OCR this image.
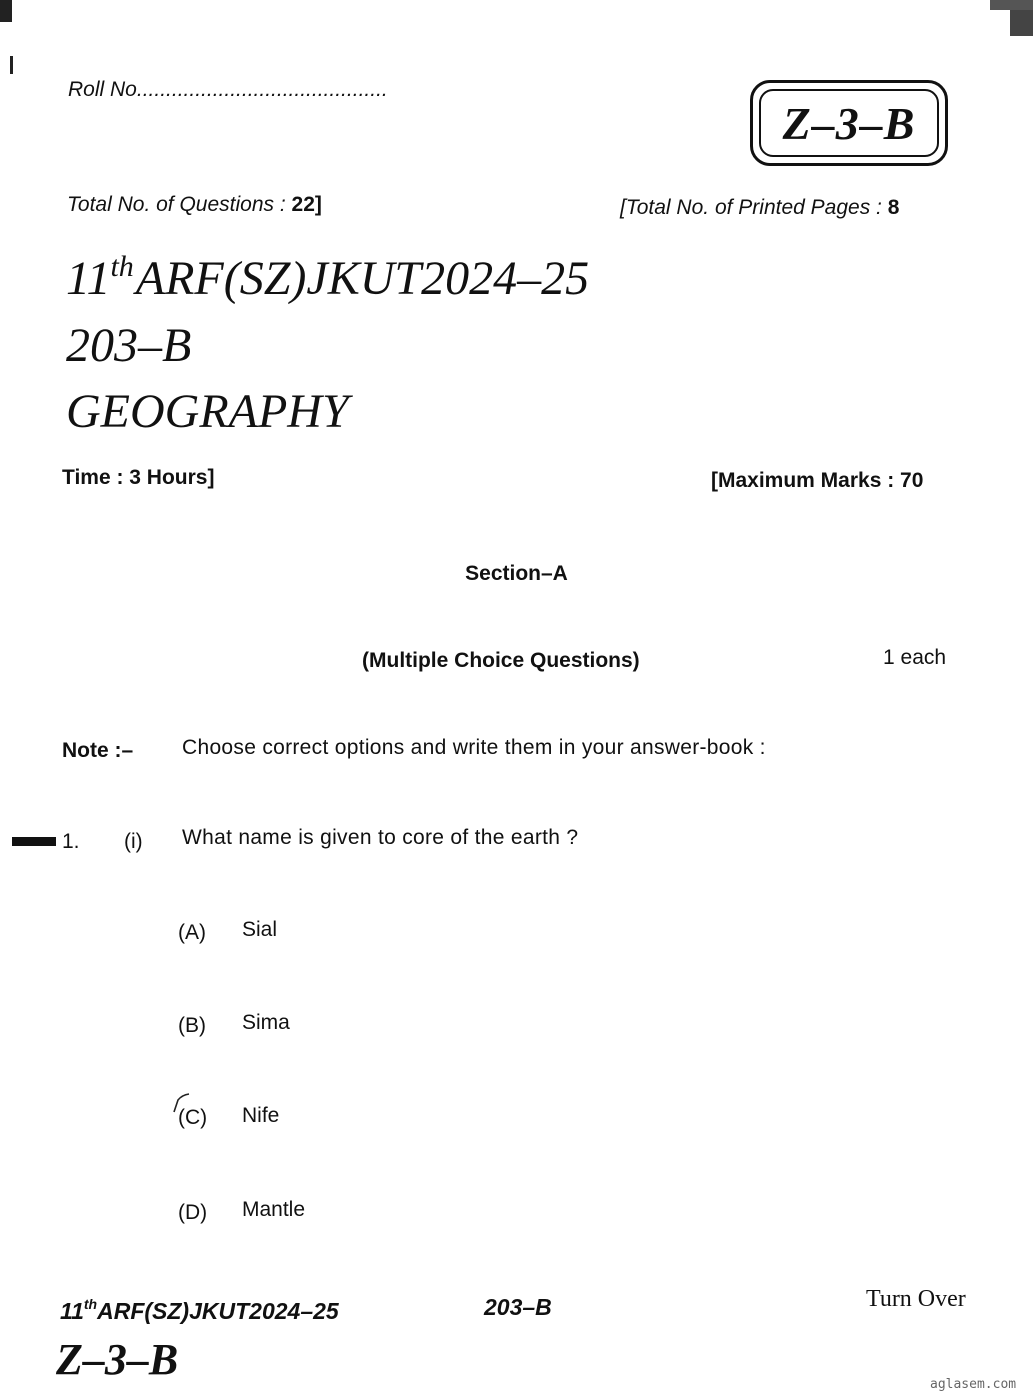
Roll No...........................................
Z–3–B
Total No. of Questions : 22]	[Total No. of Printed Pages : 8
11thARF(SZ)JKUT2024–25
203–B
GEOGRAPHY
Time : 3 Hours]	[Maximum Marks : 70
Section–A
(Multiple Choice Questions)	1 each
Note :– Choose correct options and write them in your answer-book :
1. (i) What name is given to core of the earth ?
(A) Sial
(B) Sima
(C) Nife
(D) Mantle
11thARF(SZ)JKUT2024–25	203–B	Turn Over
Z–3–B
aglasem.com
